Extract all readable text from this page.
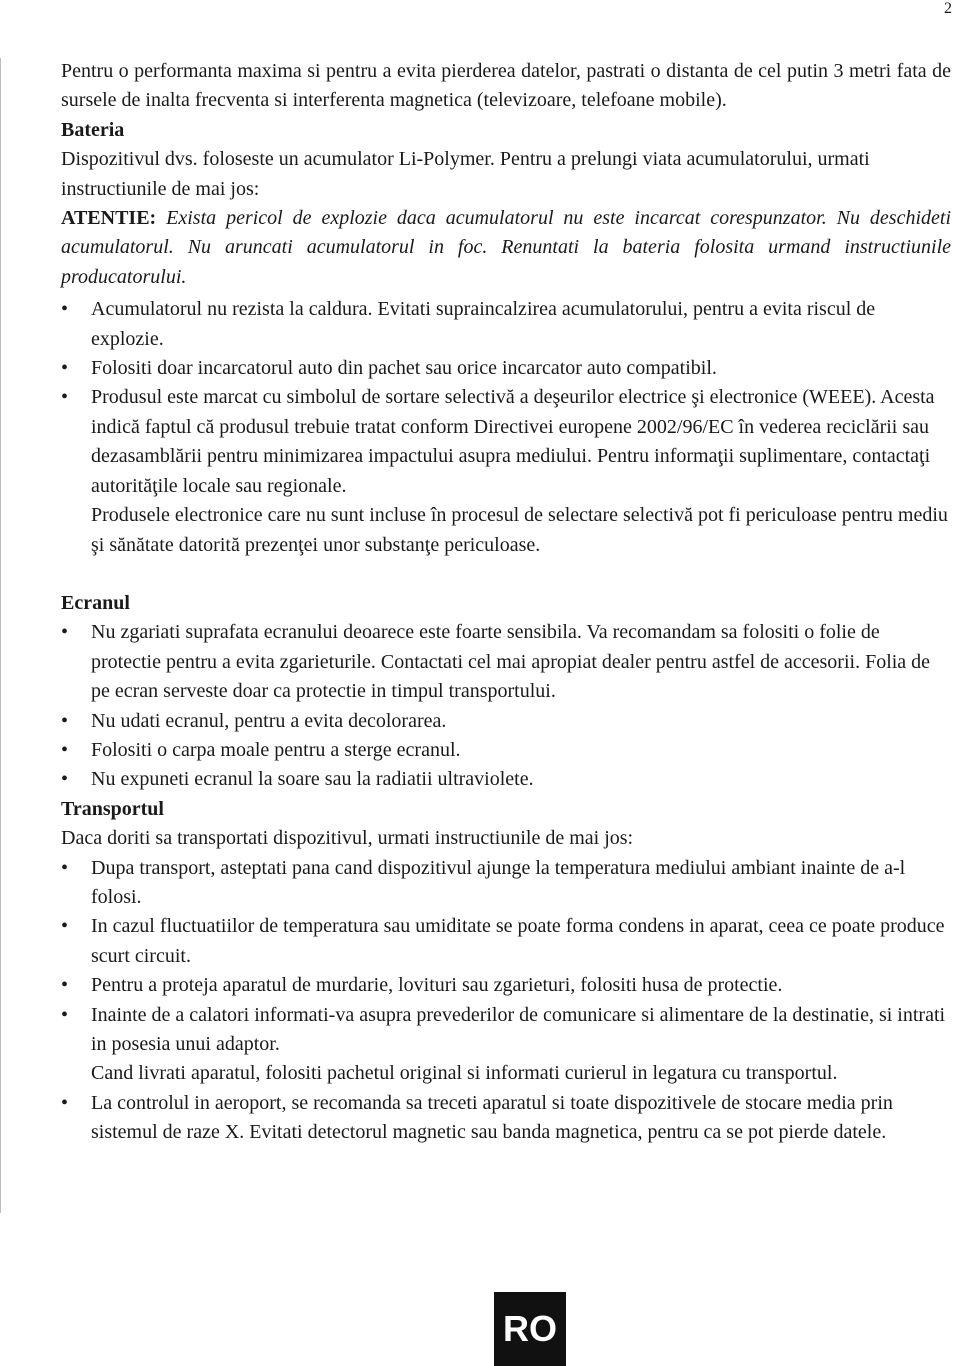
2

Pentru o performanta maxima si pentru a evita pierderea datelor, pastrati o distanta de cel putin 3 metri fata de sursele de inalta frecventa si interferenta magnetica (televizoare, telefoane mobile).

Bateria

Dispozitivul dvs. foloseste un acumulator Li-Polymer. Pentru a prelungi viata acumulatorului, urmati instructiunile de mai jos:

ATENTIE: Exista pericol de explozie daca acumulatorul nu este incarcat corespunzator. Nu deschideti acumulatorul. Nu aruncati acumulatorul in foc. Renuntati la bateria folosita urmand instructiunile producatorului.

• Acumulatorul nu rezista la caldura. Evitati supraincalzirea acumulatorului, pentru a evita riscul de explozie.
• Folositi doar incarcatorul auto din pachet sau orice incarcator auto compatibil.
• Produsul este marcat cu simbolul de sortare selectivă a deşeurilor electrice şi electronice (WEEE). Acesta indică faptul că produsul trebuie tratat conform Directivei europene 2002/96/EC în vederea reciclării sau dezasamblării pentru minimizarea impactului asupra mediului. Pentru informaţii suplimentare, contactaţi autorităţile locale sau regionale.
Produsele electronice care nu sunt incluse în procesul de selectare selectivă pot fi periculoase pentru mediu şi sănătate datorită prezenţei unor substanţe periculoase.

Ecranul

• Nu zgariati suprafata ecranului deoarece este foarte sensibila. Va recomandam sa folositi o folie de protectie pentru a evita zgarieturile. Contactati cel mai apropiat dealer pentru astfel de accesorii. Folia de pe ecran serveste doar ca protectie in timpul transportului.
• Nu udati ecranul, pentru a evita decolorarea.
• Folositi o carpa moale pentru a sterge ecranul.
• Nu expuneti ecranul la soare sau la radiatii ultraviolete.

Transportul

Daca doriti sa transportati dispozitivul, urmati instructiunile de mai jos:

• Dupa transport, asteptati pana cand dispozitivul ajunge la temperatura mediului ambiant inainte de a-l folosi.
• In cazul fluctuatiilor de temperatura sau umiditate se poate forma condens in aparat, ceea ce poate produce scurt circuit.
• Pentru a proteja aparatul de murdarie, lovituri sau zgarieturi, folositi husa de protectie.
• Inainte de a calatori informati-va asupra prevederilor de comunicare si alimentare de la destinatie, si intrati in posesia unui adaptor.
Cand livrati aparatul, folositi pachetul original si informati curierul in legatura cu transportul.
• La controlul in aeroport, se recomanda sa treceti aparatul si toate dispozitivele de stocare media prin sistemul de raze X. Evitati detectorul magnetic sau banda magnetica, pentru ca se pot pierde datele.
RO
